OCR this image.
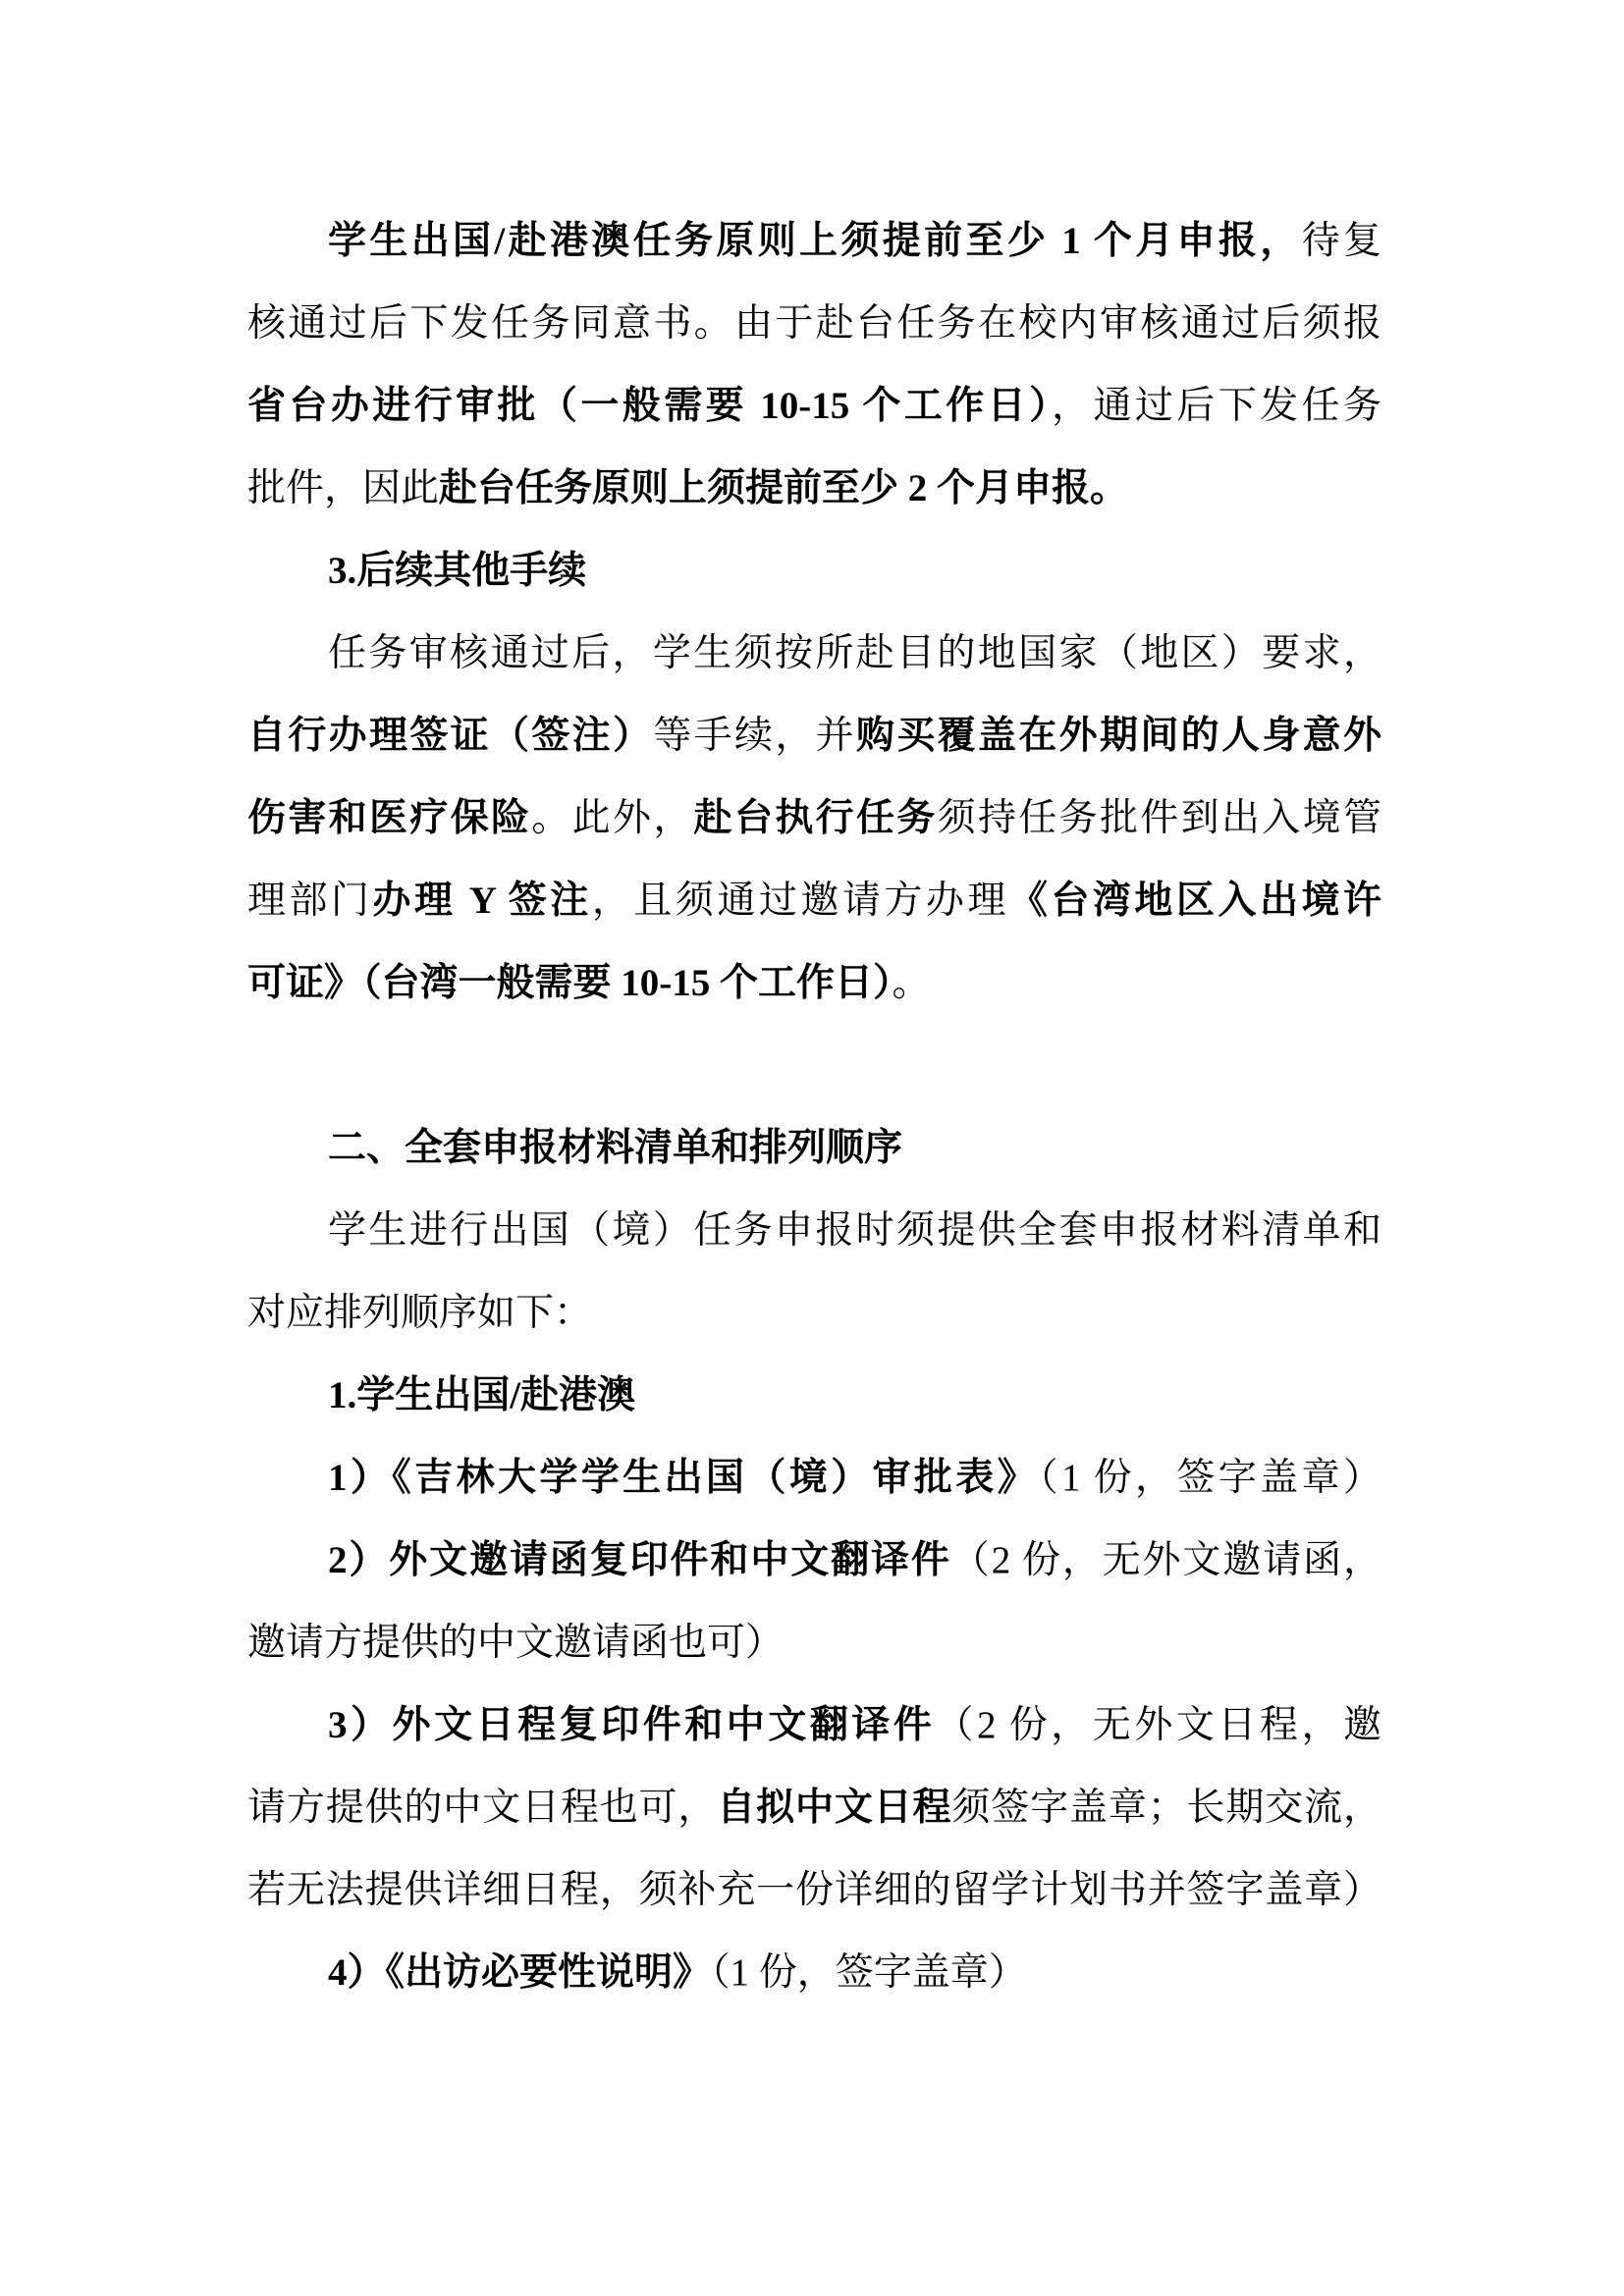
学生出国/赴港澳任务原则上须提前至少 1 个月申报，待复
核通过后下发任务同意书。由于赴台任务在校内审核通过后须报
省台办进行审批（一般需要 10-15 个工作日），通过后下发任务
批件，因此赴台任务原则上须提前至少 2 个月申报。
3.后续其他手续
任务审核通过后，学生须按所赴目的地国家（地区）要求，
自行办理签证（签注）等手续，并购买覆盖在外期间的人身意外
伤害和医疗保险。此外，赴台执行任务须持任务批件到出入境管
理部门办理 Y 签注，且须通过邀请方办理《台湾地区入出境许
可证》（台湾一般需要 10-15 个工作日）。

二、全套申报材料清单和排列顺序
学生进行出国（境）任务申报时须提供全套申报材料清单和
对应排列顺序如下：
1.学生出国/赴港澳
1）《吉林大学学生出国（境）审批表》（1 份，签字盖章）
2）外文邀请函复印件和中文翻译件（2 份，无外文邀请函，
邀请方提供的中文邀请函也可）
3）外文日程复印件和中文翻译件（2 份，无外文日程，邀
请方提供的中文日程也可，自拟中文日程须签字盖章；长期交流，
若无法提供详细日程，须补充一份详细的留学计划书并签字盖章）
4）《出访必要性说明》（1 份，签字盖章）
